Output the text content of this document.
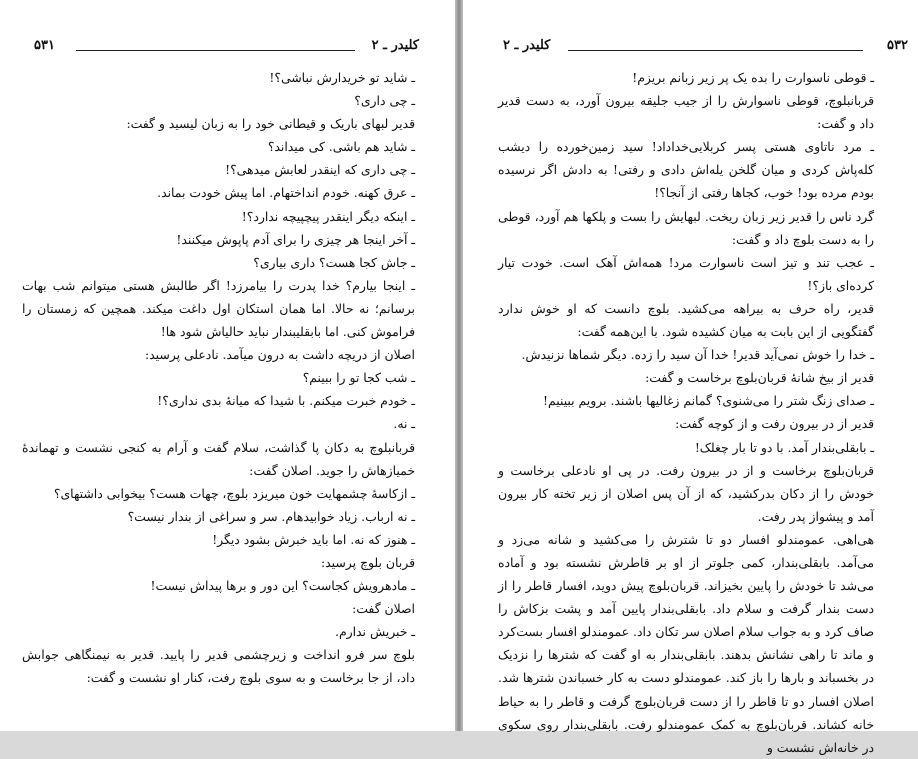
۵۳۱	کلیدر ـ ۲

ـ شاید تو خریدارش نباشی؟!

ـ چی داری؟

قدیر لبهای باریک و قیطانی خود را به زبان لیسید و گفت:

ـ شاید هم باشی. کی میداند؟

ـ چی داری که اینقدر لعابش میدهی؟!

ـ عرق کهنه. خودم انداختهام. اما پیش خودت بماند.

ـ اینکه دیگر اینقدر پیچپیچه ندارد؟!

ـ آخر اینجا هر چیزی را برای آدم پاپوش میکنند!

ـ جاش کجا هست؟ داری بیاری؟

ـ اینجا بیارم؟ خدا پدرت را بیامرزد! اگر طالبش هستی میتوانم شب بهات برسانم؛ نه حالا. اما همان استکان اول داغت میکند. همچین که زمستان را فراموش کنی. اما بابقلیبندار نباید حالیاش شود ها!

اصلان از دریچه داشت به درون میآمد. نادعلی پرسید:

ـ شب کجا تو را ببینم؟

ـ خودم خبرت میکنم. با شیدا که میانهٔ بدی نداری؟!

ـ نه.

قربانبلوچ به دکان پا گذاشت، سلام گفت و آرام به کنجی نشست و تهماندهٔ خمیازهاش را جوید. اصلان گفت:

ـ ازکاسهٔ چشمهایت خون میریزد بلوچ، چهات هست؟ بیخوابی داشتهای؟

ـ نه ارباب. زیاد خوابیدهام. سر و سراغی از بندار نیست؟

ـ هنوز که نه. اما باید خبرش بشود دیگر!

قربان بلوچ پرسید:

ـ مادهرویش کجاست؟ این دور و برها پیداش نیست!

اصلان گفت:

ـ خبریش ندارم.

بلوچ سر فرو انداخت و زیرچشمی قدیر را پایید. قدیر به نیمنگاهی جوابش داد، از جا برخاست و به سوی بلوچ رفت، کنار او نشست و گفت:

کلیدر ـ ۲	۵۳۲

ـ قوطی ناسوارت را بده یک پر زیر زبانم بریزم!

قربانبلوچ، قوطی ناسوارش را از جیب جلیقه بیرون آورد، به دست قدیر داد و گفت:

ـ مرد ناتاوی هستی پسر کربلایی‌خداداد! سید زمین‌خورده را دیشب کله‌پاش کردی و میان گلخن یله‌اش دادی و رفتی! به دادش اگر نرسیده بودم مرده بود! خوب، کجاها رفتی از آنجا؟!

گرد ناس را قدیر زیر زبان ریخت. لبهایش را بست و پلکها هم آورد، قوطی را به دست بلوچ داد و گفت:

ـ عجب تند و تیز است ناسوارت مرد! همه‌اش آهک است. خودت تیار کرده‌ای باز؟!

قدیر، راه حرف به بیراهه می‌کشید. بلوچ دانست که او خوش ندارد گفتگویی از این بابت به میان کشیده شود. با این‌همه گفت:

ـ خدا را خوش نمی‌آید قدیر! خدا آن سید را زده. دیگر شماها نزنیدش.

قدیر از بیخ شانهٔ قربان‌بلوچ برخاست و گفت:

ـ صدای زنگ شتر را می‌شنوی؟ گمانم زغالیها باشند. برویم ببینیم!

قدیر از در بیرون رفت و از کوچه گفت:

ـ بابقلی‌بندار آمد. با دو تا بار چغلک!

قربان‌بلوچ برخاست و از در بیرون رفت. در پی او نادعلی برخاست و خودش را از دکان بدرکشید، که از آن پس اصلان از زیر تخته کار بیرون آمد و پیشواز پدر رفت.

هی‌اهی. عمومندلو افسار دو تا شترش را می‌کشید و شانه می‌زد و می‌آمد. بابقلی‌بندار، کمی جلوتر از او بر قاطرش نشسته بود و آماده می‌شد تا خودش را پایین بخیزاند. قربان‌بلوچ پیش دوید، افسار قاطر را از دست بندار گرفت و سلام داد. بابقلی‌بندار پایین آمد و پشت بزکاش را صاف کرد و به جواب سلام اصلان سر تکان داد. عمومندلو افسار بست‌کرد و ماند تا راهی نشانش بدهند. بابقلی‌بندار به او گفت که شترها را نزدیک در بخسباند و بارها را باز کند. عمومندلو دست به کار خسباندن شترها شد. اصلان افسار دو تا قاطر را از دست قربان‌بلوچ گرفت و قاطر را به حیاط خانه کشاند. قربان‌بلوچ به کمک عمومندلو رفت. بابقلی‌بندار روی سکوی در خانه‌اش نشست و
